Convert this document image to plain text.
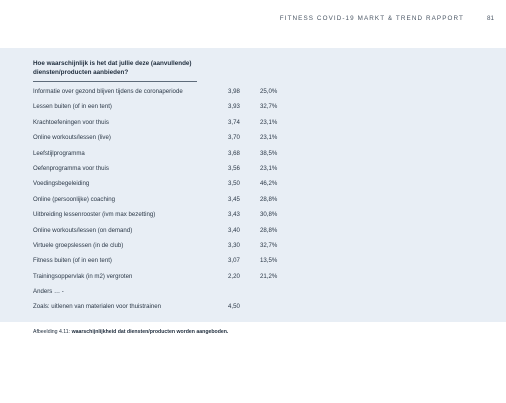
FITNESS COVID-19 MARKT & TREND RAPPORT	81
Hoe waarschijnlijk is het dat jullie deze (aanvullende) diensten/producten aanbieden?
Informatie over gezond blijven tijdens de coronaperiode	3,98	25,0%
Lessen buiten (of in een tent)	3,93	32,7%
Krachtoefeningen voor thuis	3,74	23,1%
Online workouts/lessen (live)	3,70	23,1%
Leefstijlprogramma	3,68	38,5%
Oefenprogramma voor thuis	3,56	23,1%
Voedingsbegeleiding	3,50	46,2%
Online (persoonlijke) coaching	3,45	28,8%
Uitbreiding lessenrooster (ivm max bezetting)	3,43	30,8%
Online workouts/lessen (on demand)	3,40	28,8%
Virtuele groepslessen (in de club)	3,30	32,7%
Fitness buiten (of in een tent)	3,07	13,5%
Trainingsoppervlak (in m2) vergroten	2,20	21,2%
Anders … -
Zoals: uitlenen van materialen voor thuistrainen	4,50
Afbeelding 4.11: waarschijnlijkheid dat diensten/producten worden aangeboden.
